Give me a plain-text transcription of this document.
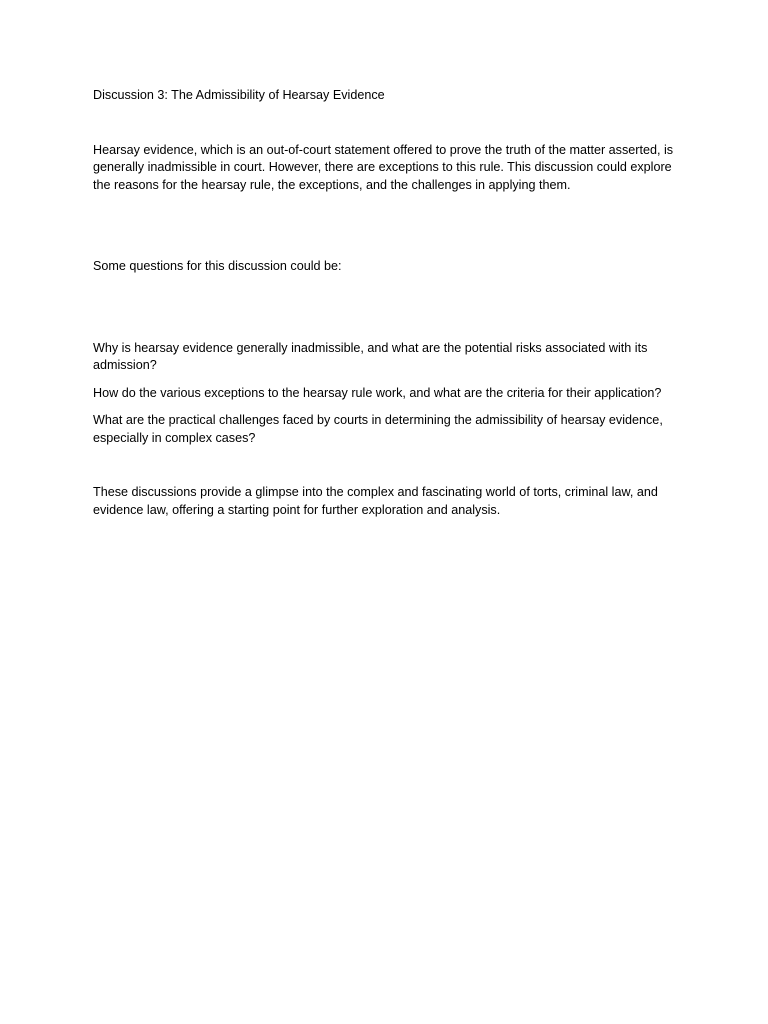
Discussion 3: The Admissibility of Hearsay Evidence

Hearsay evidence, which is an out-of-court statement offered to prove the truth of the matter asserted, is generally inadmissible in court. However, there are exceptions to this rule. This discussion could explore the reasons for the hearsay rule, the exceptions, and the challenges in applying them.

Some questions for this discussion could be:

Why is hearsay evidence generally inadmissible, and what are the potential risks associated with its admission?

How do the various exceptions to the hearsay rule work, and what are the criteria for their application?

What are the practical challenges faced by courts in determining the admissibility of hearsay evidence, especially in complex cases?

These discussions provide a glimpse into the complex and fascinating world of torts, criminal law, and evidence law, offering a starting point for further exploration and analysis.
